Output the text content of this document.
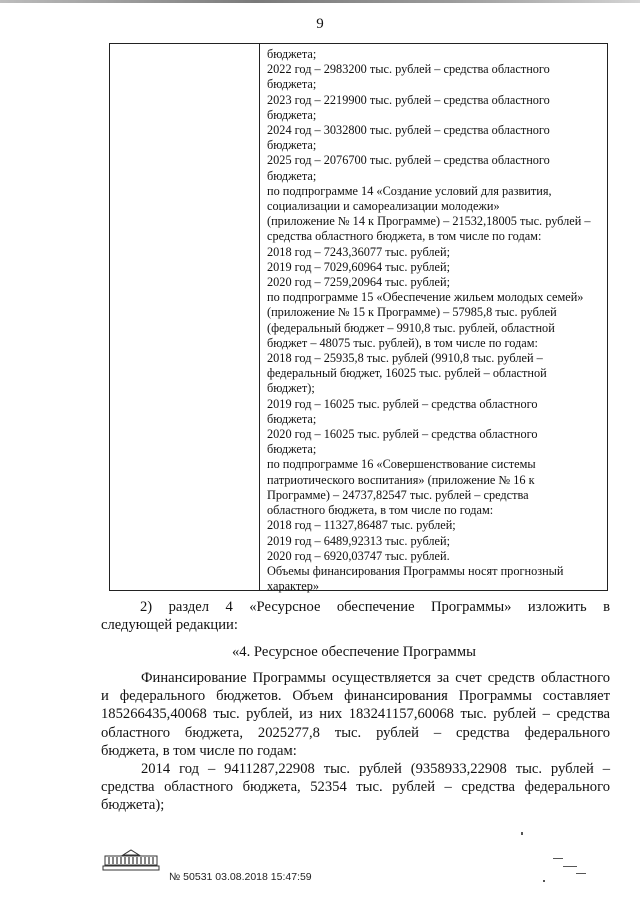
9
бюджета;
2022 год – 2983200 тыс. рублей – средства областного
бюджета;
2023 год – 2219900 тыс. рублей – средства областного
бюджета;
2024 год – 3032800 тыс. рублей – средства областного
бюджета;
2025 год – 2076700 тыс. рублей – средства областного
бюджета;
по подпрограмме 14 «Создание условий для развития,
социализации и самореализации молодежи»
(приложение № 14 к Программе) – 21532,18005 тыс. рублей –
средства областного бюджета, в том числе по годам:
2018 год – 7243,36077 тыс. рублей;
2019 год – 7029,60964 тыс. рублей;
2020 год – 7259,20964 тыс. рублей;
по подпрограмме 15 «Обеспечение жильем молодых семей»
(приложение № 15 к Программе) – 57985,8 тыс. рублей
(федеральный бюджет – 9910,8 тыс. рублей, областной
бюджет – 48075 тыс. рублей), в том числе по годам:
2018 год – 25935,8 тыс. рублей (9910,8 тыс. рублей –
федеральный бюджет, 16025 тыс. рублей – областной
бюджет);
2019 год – 16025 тыс. рублей – средства областного
бюджета;
2020 год – 16025 тыс. рублей – средства областного
бюджета;
по подпрограмме 16 «Совершенствование системы
патриотического воспитания» (приложение № 16 к
Программе) – 24737,82547 тыс. рублей – средства
областного бюджета, в том числе по годам:
2018 год – 11327,86487 тыс. рублей;
2019 год – 6489,92313 тыс. рублей;
2020 год – 6920,03747 тыс. рублей.
Объемы финансирования Программы носят прогнозный
характер»
2) раздел 4 «Ресурсное обеспечение Программы» изложить в
следующей редакции:
«4. Ресурсное обеспечение Программы
Финансирование Программы осуществляется за счет средств областного
и федерального бюджетов. Объем финансирования Программы составляет
185266435,40068 тыс. рублей, из них 183241157,60068 тыс. рублей – средства
областного бюджета, 2025277,8 тыс. рублей – средства федерального
бюджета, в том числе по годам:
2014 год – 9411287,22908 тыс. рублей (9358933,22908 тыс. рублей –
средства областного бюджета, 52354 тыс. рублей – средства федерального
бюджета);
№ 50531 03.08.2018 15:47:59
